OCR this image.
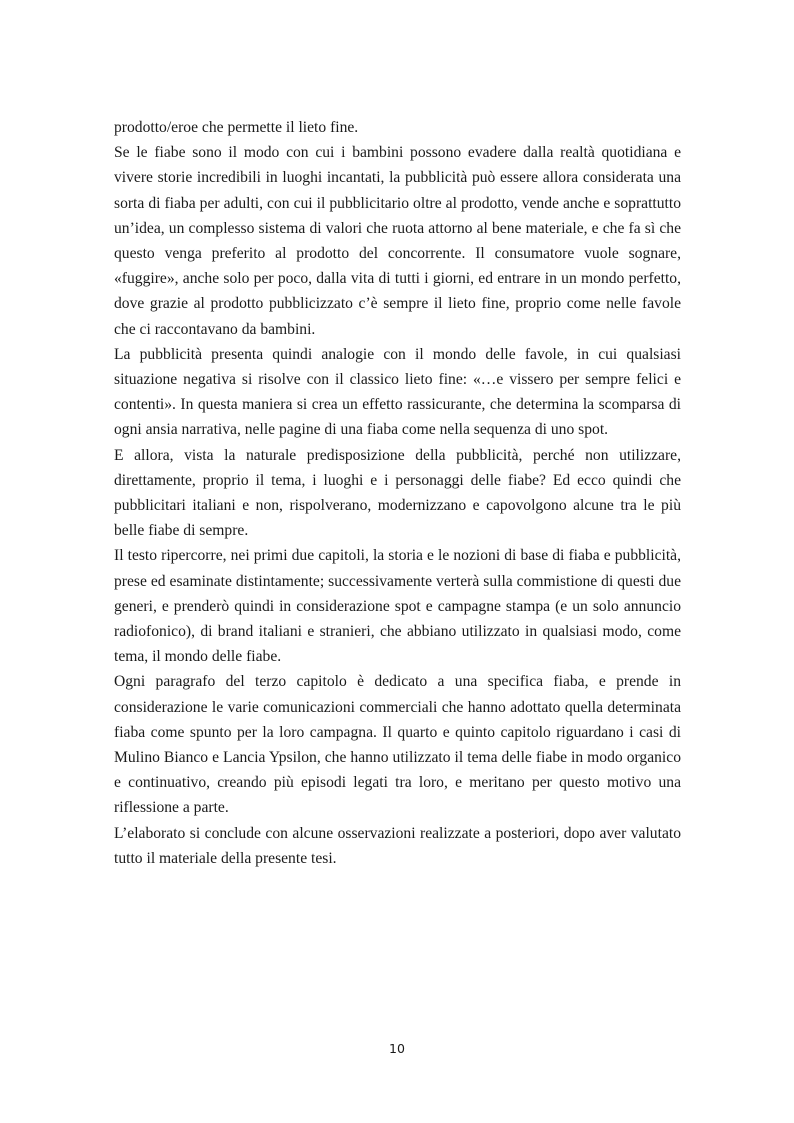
prodotto/eroe che permette il lieto fine.

Se le fiabe sono il modo con cui i bambini possono evadere dalla realtà quotidiana e vivere storie incredibili in luoghi incantati, la pubblicità può essere allora considerata una sorta di fiaba per adulti, con cui il pubblicitario oltre al prodotto, vende anche e soprattutto un’idea, un complesso sistema di valori che ruota attorno al bene materiale, e che fa sì che questo venga preferito al prodotto del concorrente. Il consumatore vuole sognare, «fuggire», anche solo per poco, dalla vita di tutti i giorni, ed entrare in un mondo perfetto, dove grazie al prodotto pubblicizzato c’è sempre il lieto fine, proprio come nelle favole che ci raccontavano da bambini.

La pubblicità presenta quindi analogie con il mondo delle favole, in cui qualsiasi situazione negativa si risolve con il classico lieto fine: «…e vissero per sempre felici e contenti». In questa maniera si crea un effetto rassicurante, che determina la scomparsa di ogni ansia narrativa, nelle pagine di una fiaba come nella sequenza di uno spot.

E allora, vista la naturale predisposizione della pubblicità, perché non utilizzare, direttamente, proprio il tema, i luoghi e i personaggi delle fiabe? Ed ecco quindi che pubblicitari italiani e non, rispolverano, modernizzano e capovolgono alcune tra le più belle fiabe di sempre.

Il testo ripercorre, nei primi due capitoli, la storia e le nozioni di base di fiaba e pubblicità, prese ed esaminate distintamente; successivamente verterà sulla commistione di questi due generi, e prenderò quindi in considerazione spot e campagne stampa (e un solo annuncio radiofonico), di brand italiani e stranieri, che abbiano utilizzato in qualsiasi modo, come tema, il mondo delle fiabe.

Ogni paragrafo del terzo capitolo è dedicato a una specifica fiaba, e prende in considerazione le varie comunicazioni commerciali che hanno adottato quella determinata fiaba come spunto per la loro campagna. Il quarto e quinto capitolo riguardano i casi di Mulino Bianco e Lancia Ypsilon, che hanno utilizzato il tema delle fiabe in modo organico e continuativo, creando più episodi legati tra loro, e meritano per questo motivo una riflessione a parte.

L’elaborato si conclude con alcune osservazioni realizzate a posteriori, dopo aver valutato tutto il materiale della presente tesi.

10
